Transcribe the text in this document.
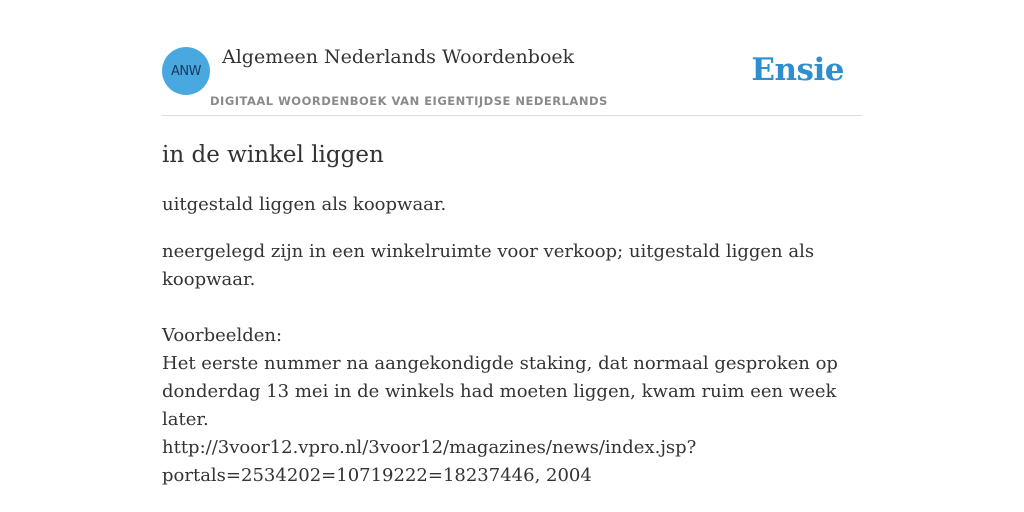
ANW
Algemeen Nederlands Woordenboek
DIGITAAL WOORDENBOEK VAN EIGENTIJDSE NEDERLANDS
Ensie
in de winkel liggen
uitgestald liggen als koopwaar.
neergelegd zijn in een winkelruimte voor verkoop; uitgestald liggen als koopwaar.
Voorbeelden:
Het eerste nummer na aangekondigde staking, dat normaal gesproken op donderdag 13 mei in de winkels had moeten liggen, kwam ruim een week later.
http://3voor12.vpro.nl/3voor12/magazines/news/index.jsp?
portals=2534202=10719222=18237446, 2004
